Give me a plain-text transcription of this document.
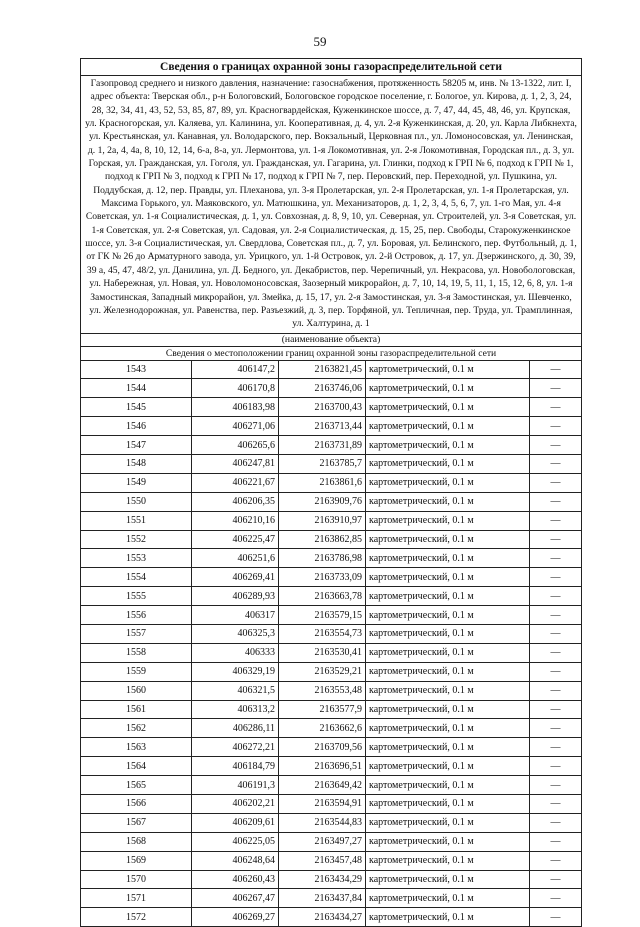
59
Сведения о границах охранной зоны газораспределительной сети
Газопровод среднего и низкого давления, назначение: газоснабжения, протяженность 58205 м, инв. № 13-1322, лит. I, адрес объекта: Тверская обл., р-н Бологовский, Бологовское городское поселение, г. Бологое, ул. Кирова, д. 1, 2, 3, 24, 28, 32, 34, 41, 43, 52, 53, 85, 87, 89, ул. Красногвардейская, Куженкинское шоссе, д. 7, 47, 44, 45, 48, 46, ул. Крупская, ул. Красногорская, ул. Каляева, ул. Калинина, ул. Кооперативная, д. 4, ул. 2-я Куженкинская, д. 20, ул. Карла Либкнехта, ул. Крестьянская, ул. Канавная, ул. Володарского, пер. Вокзальный, Церковная пл., ул. Ломоносовская, ул. Ленинская, д. 1, 2а, 4, 4а, 8, 10, 12, 14, 6-а, 8-а, ул. Лермонтова, ул. 1-я Локомотивная, ул. 2-я Локомотивная, Городская пл., д. 3, ул. Горская, ул. Гражданская, ул. Гоголя, ул. Гражданская, ул. Гагарина, ул. Глинки, подход к ГРП № 6, подход к ГРП № 1, подход к ГРП № 3, подход к ГРП № 17, подход к ГРП № 7, пер. Перовский, пер. Переходной, ул. Пушкина, ул. Поддубская, д. 12, пер. Правды, ул. Плеханова, ул. 3-я Пролетарская, ул. 2-я Пролетарская, ул. 1-я Пролетарская, ул. Максима Горького, ул. Маяковского, ул. Матюшкина, ул. Механизаторов, д. 1, 2, 3, 4, 5, 6, 7, ул. 1-го Мая, ул. 4-я Советская, ул. 1-я Социалистическая, д. 1, ул. Совхозная, д. 8, 9, 10, ул. Северная, ул. Строителей, ул. 3-я Советская, ул. 1-я Советская, ул. 2-я Советская, ул. Садовая, ул. 2-я Социалистическая, д. 15, 25, пер. Свободы, Старокуженкинское шоссе, ул. 3-я Социалистическая, ул. Свердлова, Советская пл., д. 7, ул. Боровая, ул. Белинского, пер. Футбольный, д. 1, от ГК № 26 до Арматурного завода, ул. Урицкого, ул. 1-й Островок, ул. 2-й Островок, д. 17, ул. Дзержинского, д. 30, 39, 39 а, 45, 47, 48/2, ул. Данилина, ул. Д. Бедного, ул. Декабристов, пер. Черепичный, ул. Некрасова, ул. Новобологовская, ул. Набережная, ул. Новая, ул. Новоломоносовская, Заозерный микрорайон, д. 7, 10, 14, 19, 5, 11, 1, 15, 12, 6, 8, ул. 1-я Замостинская, Западный микрорайон, ул. Змейка, д. 15, 17, ул. 2-я Замостинская, ул. 3-я Замостинская, ул. Шевченко, ул. Железнодорожная, ул. Равенства, пер. Разъезжий, д. 3, пер. Торфяной, ул. Тепличная, пер. Труда, ул. Трамплинная, ул. Халтурина, д. 1
(наименование объекта)
Сведения о местоположении границ охранной зоны газораспределительной сети
1543	406147,2	2163821,45	картометрический, 0.1 м	—
1544	406170,8	2163746,06	картометрический, 0.1 м	—
1545	406183,98	2163700,43	картометрический, 0.1 м	—
1546	406271,06	2163713,44	картометрический, 0.1 м	—
1547	406265,6	2163731,89	картометрический, 0.1 м	—
1548	406247,81	2163785,7	картометрический, 0.1 м	—
1549	406221,67	2163861,6	картометрический, 0.1 м	—
1550	406206,35	2163909,76	картометрический, 0.1 м	—
1551	406210,16	2163910,97	картометрический, 0.1 м	—
1552	406225,47	2163862,85	картометрический, 0.1 м	—
1553	406251,6	2163786,98	картометрический, 0.1 м	—
1554	406269,41	2163733,09	картометрический, 0.1 м	—
1555	406289,93	2163663,78	картометрический, 0.1 м	—
1556	406317	2163579,15	картометрический, 0.1 м	—
1557	406325,3	2163554,73	картометрический, 0.1 м	—
1558	406333	2163530,41	картометрический, 0.1 м	—
1559	406329,19	2163529,21	картометрический, 0.1 м	—
1560	406321,5	2163553,48	картометрический, 0.1 м	—
1561	406313,2	2163577,9	картометрический, 0.1 м	—
1562	406286,11	2163662,6	картометрический, 0.1 м	—
1563	406272,21	2163709,56	картометрический, 0.1 м	—
1564	406184,79	2163696,51	картометрический, 0.1 м	—
1565	406191,3	2163649,42	картометрический, 0.1 м	—
1566	406202,21	2163594,91	картометрический, 0.1 м	—
1567	406209,61	2163544,83	картометрический, 0.1 м	—
1568	406225,05	2163497,27	картометрический, 0.1 м	—
1569	406248,64	2163457,48	картометрический, 0.1 м	—
1570	406260,43	2163434,29	картометрический, 0.1 м	—
1571	406267,47	2163437,84	картометрический, 0.1 м	—
1572	406269,27	2163434,27	картометрический, 0.1 м	—
